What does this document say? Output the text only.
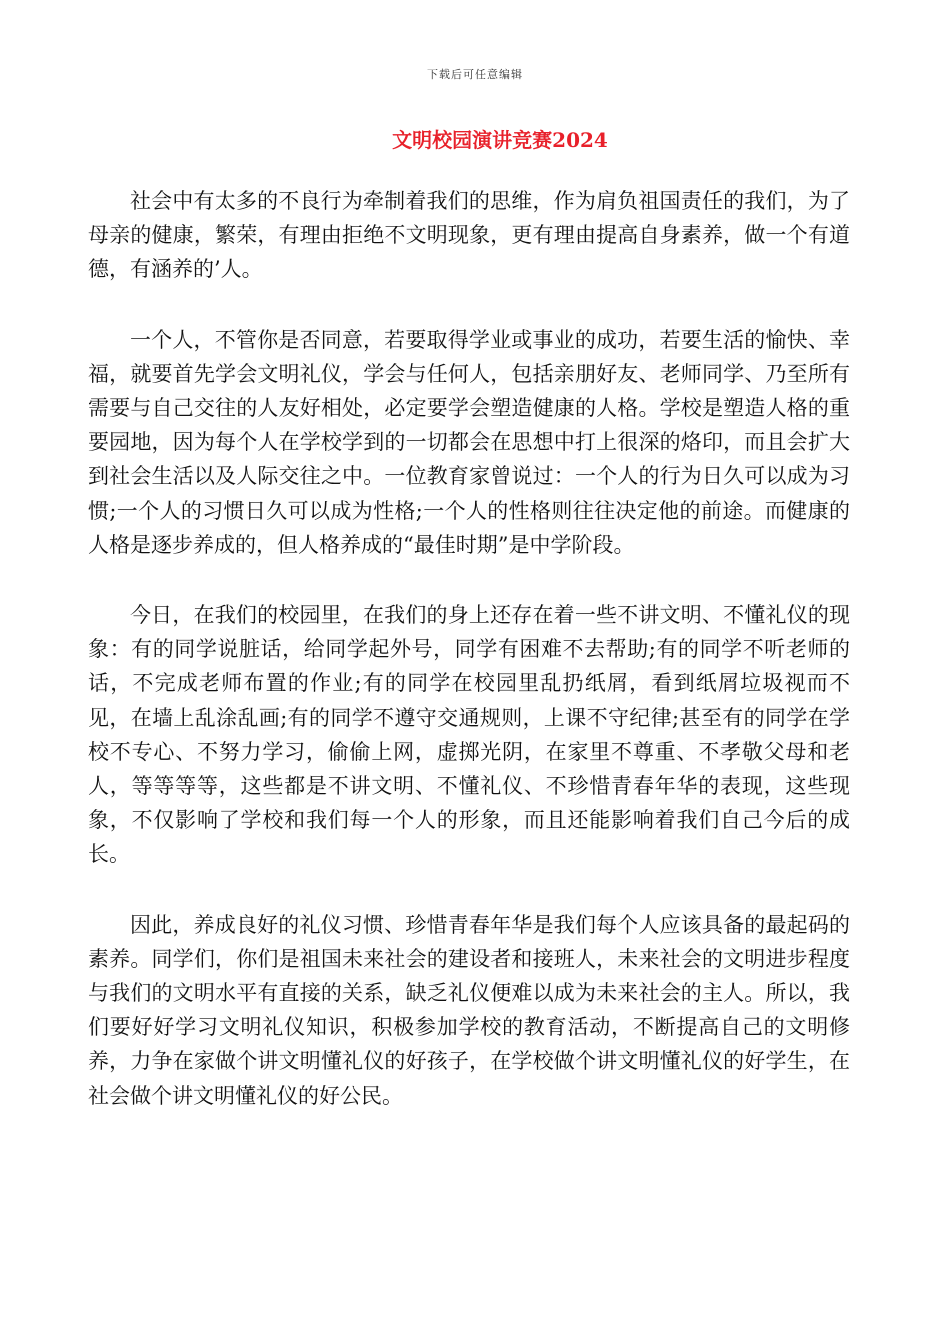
下载后可任意编辑
文明校园演讲竞赛2024

社会中有太多的不良行为牵制着我们的思维，作为肩负祖国责任的我们，为了母亲的健康，繁荣，有理由拒绝不文明现象，更有理由提高自身素养，做一个有道德，有涵养的’人。

一个人，不管你是否同意，若要取得学业或事业的成功，若要生活的愉快、幸福，就要首先学会文明礼仪，学会与任何人，包括亲朋好友、老师同学、乃至所有需要与自己交往的人友好相处，必定要学会塑造健康的人格。学校是塑造人格的重要园地，因为每个人在学校学到的一切都会在思想中打上很深的烙印，而且会扩大到社会生活以及人际交往之中。一位教育家曾说过：一个人的行为日久可以成为习惯;一个人的习惯日久可以成为性格;一个人的性格则往往决定他的前途。而健康的人格是逐步养成的，但人格养成的“最佳时期”是中学阶段。

今日，在我们的校园里，在我们的身上还存在着一些不讲文明、不懂礼仪的现象：有的同学说脏话，给同学起外号，同学有困难不去帮助;有的同学不听老师的话，不完成老师布置的作业;有的同学在校园里乱扔纸屑，看到纸屑垃圾视而不见，在墙上乱涂乱画;有的同学不遵守交通规则，上课不守纪律;甚至有的同学在学校不专心、不努力学习，偷偷上网，虚掷光阴，在家里不尊重、不孝敬父母和老人，等等等等，这些都是不讲文明、不懂礼仪、不珍惜青春年华的表现，这些现象，不仅影响了学校和我们每一个人的形象，而且还能影响着我们自己今后的成长。

因此，养成良好的礼仪习惯、珍惜青春年华是我们每个人应该具备的最起码的素养。同学们，你们是祖国未来社会的建设者和接班人，未来社会的文明进步程度与我们的文明水平有直接的关系，缺乏礼仪便难以成为未来社会的主人。所以，我们要好好学习文明礼仪知识，积极参加学校的教育活动，不断提高自己的文明修养，力争在家做个讲文明懂礼仪的好孩子，在学校做个讲文明懂礼仪的好学生，在社会做个讲文明懂礼仪的好公民。
